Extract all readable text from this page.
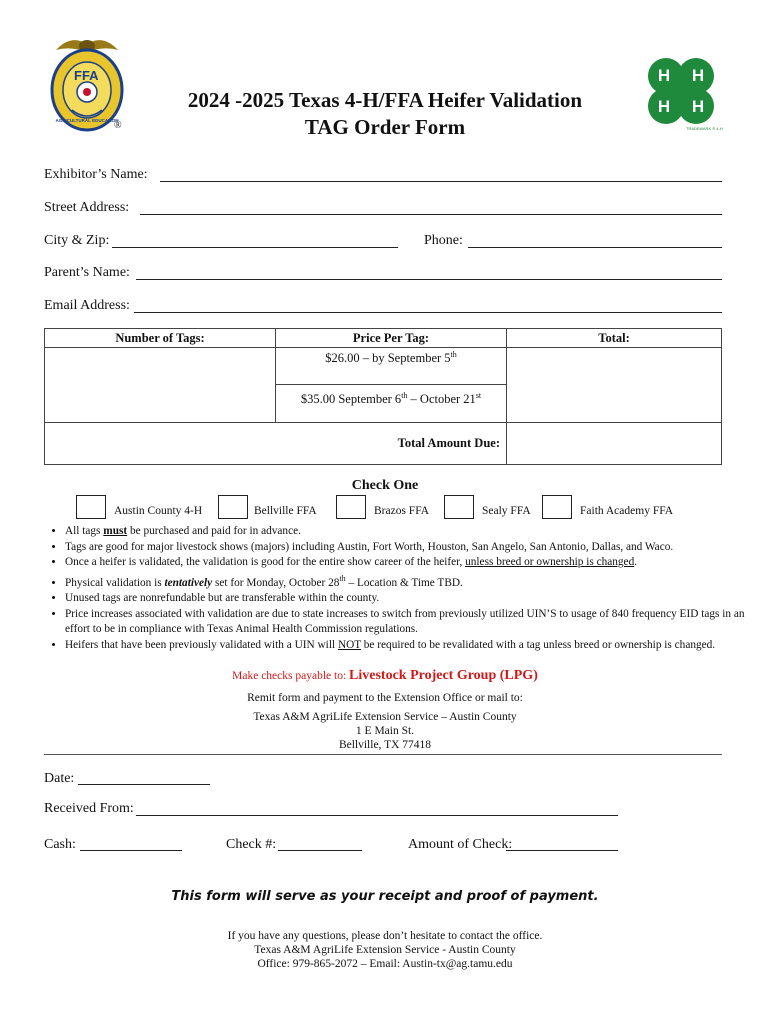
FFA
AGRICULTURAL EDUCATION
®
H H
H H
TRADEMARK ® 4-H
2024 -2025 Texas 4-H/FFA Heifer Validation
TAG Order Form
Exhibitor’s Name:
Street Address:
City & Zip:	Phone:
Parent’s Name:
Email Address:
Number of Tags:	Price Per Tag:	Total:
	$26.00 – by September 5th	
	$35.00 September 6th – October 21st
Total Amount Due:		
Check One
Austin County 4-H	Bellville FFA	Brazos FFA	Sealy FFA	Faith Academy FFA
• All tags must be purchased and paid for in advance.
• Tags are good for major livestock shows (majors) including Austin, Fort Worth, Houston, San Angelo, San Antonio, Dallas, and Waco.
• Once a heifer is validated, the validation is good for the entire show career of the heifer, unless breed or ownership is changed.
• Physical validation is tentatively set for Monday, October 28th – Location & Time TBD.
• Unused tags are nonrefundable but are transferable within the county.
• Price increases associated with validation are due to state increases to switch from previously utilized UIN’S to usage of 840 frequency EID tags in an effort to be in compliance with Texas Animal Health Commission regulations.
• Heifers that have been previously validated with a UIN will NOT be required to be revalidated with a tag unless breed or ownership is changed.
Make checks payable to: Livestock Project Group (LPG)
Remit form and payment to the Extension Office or mail to:
Texas A&M AgriLife Extension Service – Austin County
1 E Main St.
Bellville, TX 77418
Date:
Received From:
Cash:	Check #:	Amount of Check:
This form will serve as your receipt and proof of payment.
If you have any questions, please don’t hesitate to contact the office.
Texas A&M AgriLife Extension Service - Austin County
Office: 979-865-2072 – Email: Austin-tx@ag.tamu.edu
